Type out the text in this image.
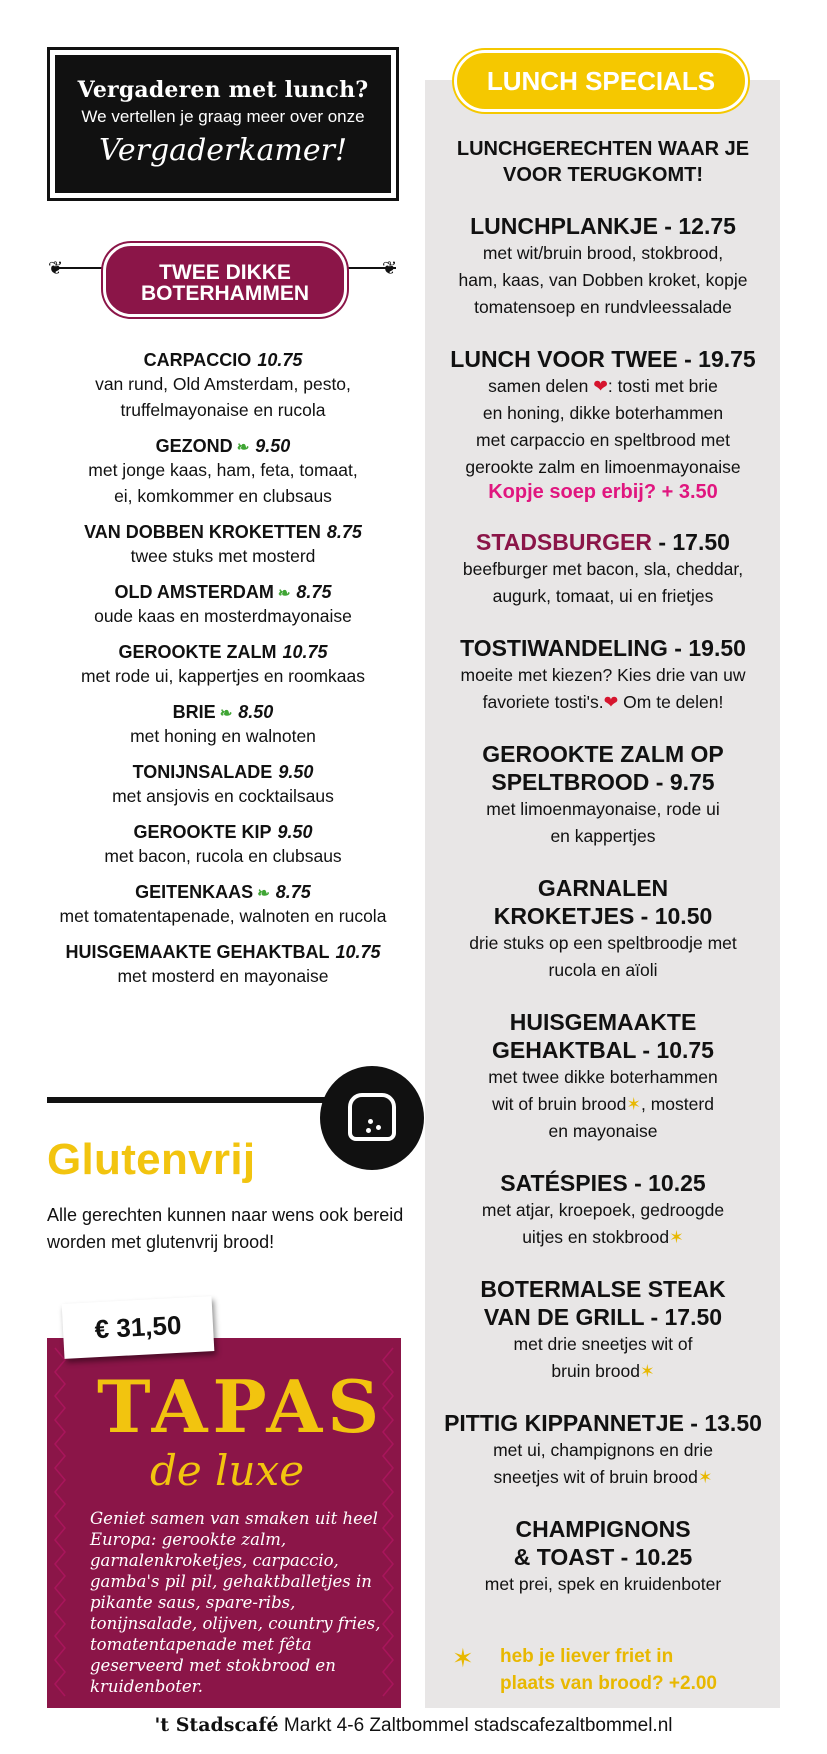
Vergaderen met lunch?
We vertellen je graag meer over onze
Vergaderkamer!
❦	❦
TWEE DIKKE
BOTERHAMMEN
CARPACCIO 10.75
van rund, Old Amsterdam, pesto,
truffelmayonaise en rucola
GEZOND ❧ 9.50
met jonge kaas, ham, feta, tomaat,
ei, komkommer en clubsaus
VAN DOBBEN KROKETTEN 8.75
twee stuks met mosterd
OLD AMSTERDAM ❧ 8.75
oude kaas en mosterdmayonaise
GEROOKTE ZALM 10.75
met rode ui, kappertjes en roomkaas
BRIE ❧ 8.50
met honing en walnoten
TONIJNSALADE 9.50
met ansjovis en cocktailsaus
GEROOKTE KIP 9.50
met bacon, rucola en clubsaus
GEITENKAAS ❧ 8.75
met tomatentapenade, walnoten en rucola
HUISGEMAAKTE GEHAKTBAL 10.75
met mosterd en mayonaise
Glutenvrij
Alle gerechten kunnen naar wens ook bereid worden met glutenvrij brood!
€ 31,50
TAPAS
de luxe
Geniet samen van smaken uit heel Europa: gerookte zalm, garnalenkroketjes, carpaccio, gamba's pil pil, gehaktballetjes in pikante saus, spare-ribs, tonijnsalade, olijven, country fries, tomatentapenade met fêta geserveerd met stokbrood en kruidenboter.
LUNCH SPECIALS
LUNCHGERECHTEN WAAR JE
VOOR TERUGKOMT!
LUNCHPLANKJE - 12.75
met wit/bruin brood, stokbrood,
ham, kaas, van Dobben kroket, kopje
tomatensoep en rundvleessalade
LUNCH VOOR TWEE - 19.75
samen delen ❤: tosti met brie
en honing, dikke boterhammen
met carpaccio en speltbrood met
gerookte zalm en limoenmayonaise
Kopje soep erbij? + 3.50
STADSBURGER - 17.50
beefburger met bacon, sla, cheddar,
augurk, tomaat, ui en frietjes
TOSTIWANDELING - 19.50
moeite met kiezen? Kies drie van uw
favoriete tosti's.❤ Om te delen!
GEROOKTE ZALM OP
SPELTBROOD - 9.75
met limoenmayonaise, rode ui
en kappertjes
GARNALEN
KROKETJES - 10.50
drie stuks op een speltbroodje met
rucola en aïoli
HUISGEMAAKTE
GEHAKTBAL - 10.75
met twee dikke boterhammen
wit of bruin brood✶, mosterd
en mayonaise
SATÉSPIES - 10.25
met atjar, kroepoek, gedroogde
uitjes en stokbrood✶
BOTERMALSE STEAK
VAN DE GRILL - 17.50
met drie sneetjes wit of
bruin brood✶
PITTIG KIPPANNETJE - 13.50
met ui, champignons en drie
sneetjes wit of bruin brood✶
CHAMPIGNONS
& TOAST - 10.25
met prei, spek en kruidenboter
✶ heb je liever friet in
plaats van brood? +2.00
't Stadscafé Markt 4-6 Zaltbommel stadscafezaltbommel.nl
